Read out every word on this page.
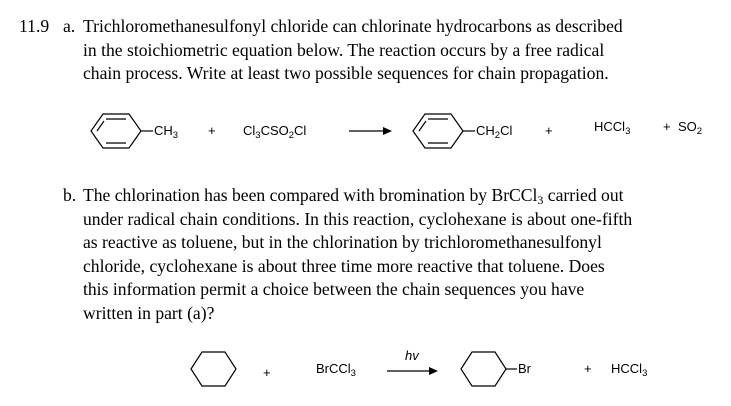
11.9 a. Trichloromethanesulfonyl chloride can chlorinate hydrocarbons as described
in the stoichiometric equation below. The reaction occurs by a free radical
chain process. Write at least two possible sequences for chain propagation.
$CH_3 + Cl_3CSO_2Cl$	$CH_2Cl$	+	HCCl$_3$	+ $SO_2$
b. The chlorination has been compared with bromination by BrCCl$_3$ carried out
under radical chain conditions. In this reaction, cyclohexane is about one-fifth
as reactive as toluene, but in the chlorination by trichloromethanesulfonyl
chloride, cyclohexane is about three time more reactive that toluene. Does
this information permit a choice between the chain sequences you have
written in part (a)?
+	BrCCl$_3$
hv
Br	+ HCCl$_3$
